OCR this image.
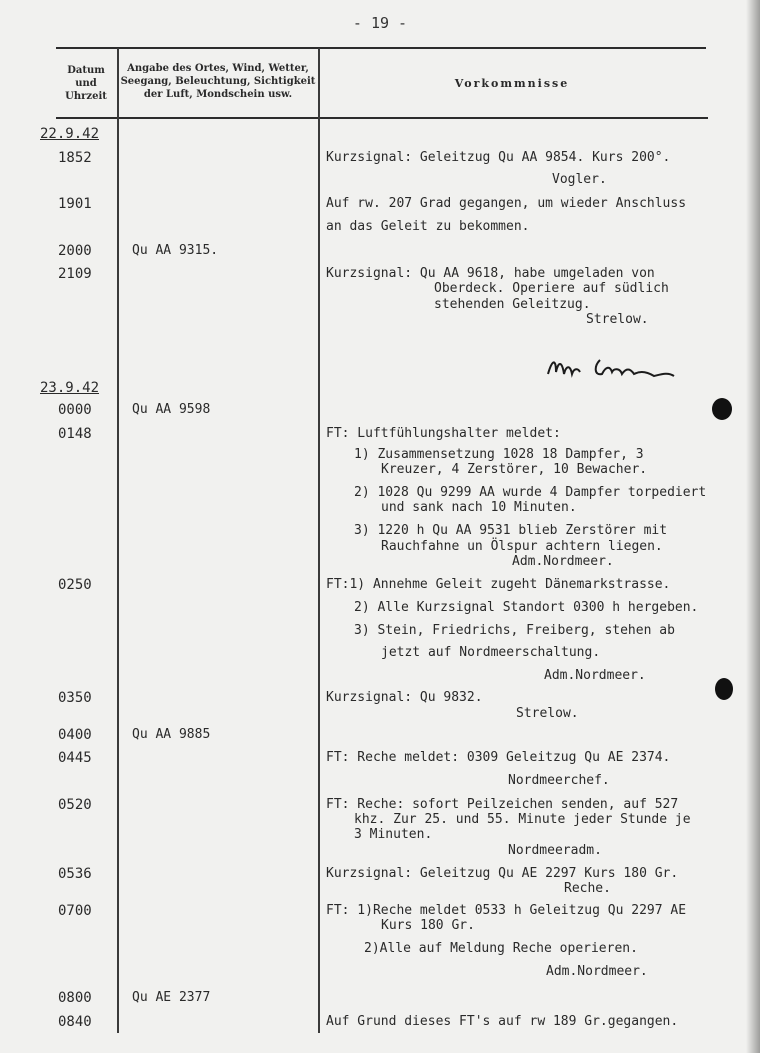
- 19 -
Datum
und
Uhrzeit
Angabe des Ortes, Wind, Wetter,
Seegang, Beleuchtung, Sichtigkeit
der Luft, Mondschein usw.
Vorkommnisse
22.9.42
23.9.42
1852
1901
2000
2109
0000
0148
0250
0350
0400
0445
0520
0536
0700
0800
0840
Qu AA 9315.
Qu AA 9598
Qu AA 9885
Qu AE 2377
Kurzsignal: Geleitzug Qu AA 9854. Kurs 200°.
Vogler.
Auf rw. 207 Grad gegangen, um wieder Anschluss
an das Geleit zu bekommen.
Kurzsignal: Qu AA 9618, habe umgeladen von
Oberdeck. Operiere auf südlich
stehenden Geleitzug.
Strelow.
FT: Luftfühlungshalter meldet:
1) Zusammensetzung 1028 18 Dampfer, 3
Kreuzer, 4 Zerstörer, 10 Bewacher.
2) 1028 Qu 9299 AA wurde 4 Dampfer torpediert
und sank nach 10 Minuten.
3) 1220 h Qu AA 9531 blieb Zerstörer mit
Rauchfahne un Ölspur achtern liegen.
Adm.Nordmeer.
FT:1) Annehme Geleit zugeht Dänemarkstrasse.
2) Alle Kurzsignal Standort 0300 h hergeben.
3) Stein, Friedrichs, Freiberg, stehen ab
jetzt auf Nordmeerschaltung.
Adm.Nordmeer.
Kurzsignal: Qu 9832.
Strelow.
FT: Reche meldet: 0309 Geleitzug Qu AE 2374.
Nordmeerchef.
FT: Reche: sofort Peilzeichen senden, auf 527
khz. Zur 25. und 55. Minute jeder Stunde je
3 Minuten.
Nordmeeradm.
Kurzsignal: Geleitzug Qu AE 2297 Kurs 180 Gr.
Reche.
FT: 1)Reche meldet 0533 h Geleitzug Qu 2297 AE
Kurs 180 Gr.
2)Alle auf Meldung Reche operieren.
Adm.Nordmeer.
Auf Grund dieses FT's auf rw 189 Gr.gegangen.
